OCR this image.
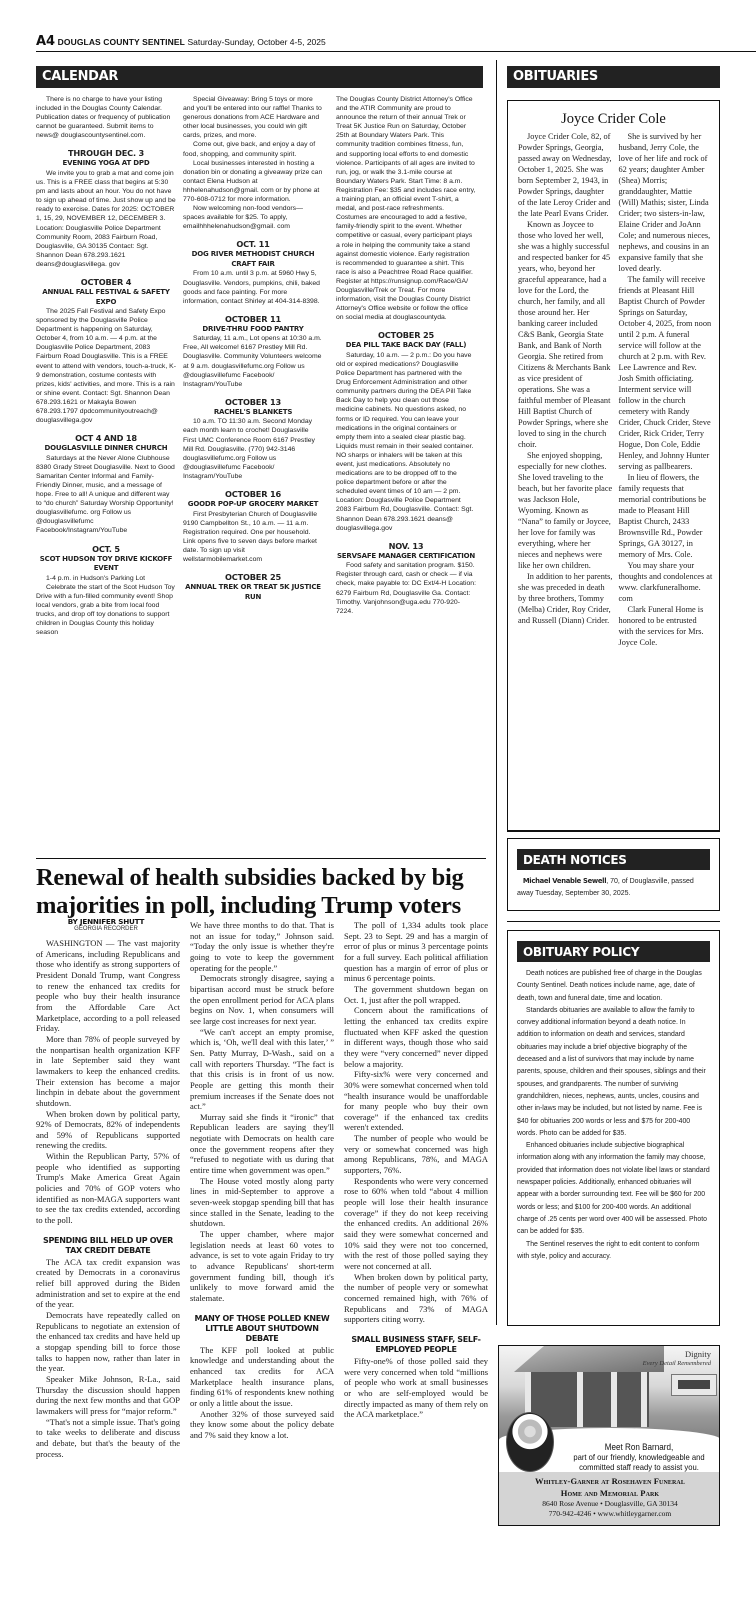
A4 DOUGLAS COUNTY SENTINEL Saturday-Sunday, October 4-5, 2025
CALENDAR

There is no charge to have your listing included in the Douglas County Calendar. Publication dates or frequency of publication cannot be guaranteed. Submit items to news@ douglascountysentinel.com.

THROUGH DEC. 3
EVENING YOGA AT DPD

We invite you to grab a mat and come join us. This is a FREE class that begins at 5:30 pm and lasts about an hour. You do not have to sign up ahead of time. Just show up and be ready to exercise. Dates for 2025: OCTOBER 1, 15, 29, NOVEMBER 12, DECEMBER 3. Location: Douglasville Police Department Community Room, 2083 Fairburn Road, Douglasville, GA 30135 Contact: Sgt. Shannon Dean 678.293.1621 deans@douglasvillega. gov

OCTOBER 4
ANNUAL FALL FESTIVAL & SAFETY EXPO

The 2025 Fall Festival and Safety Expo sponsored by the Douglasville Police Department is happening on Saturday, October 4, from 10 a.m. — 4 p.m. at the Douglasville Police Department, 2083 Fairburn Road Douglasville. This is a FREE event to attend with vendors, touch-a-truck, K-9 demonstration, costume contests with prizes, kids' activities, and more. This is a rain or shine event. Contact: Sgt. Shannon Dean 678.293.1621 or Makayla Bowen 678.293.1797 dpdcommunityoutreach@ douglasvillega.gov

OCT 4 AND 18
DOUGLASVILLE DINNER CHURCH

Saturdays at the Never Alone Clubhouse 8380 Grady Street Douglasville. Next to Good Samaritan Center Informal and Family-Friendly Dinner, music, and a message of hope. Free to all! A unique and different way to “do church” Saturday Worship Opportunity! douglasvillefumc. org Follow us @douglasvillefumc Facebook/Instagram/YouTube

OCT. 5
SCOT HUDSON TOY DRIVE KICKOFF EVENT

1-4 p.m. in Hudson's Parking Lot

Celebrate the start of the Scot Hudson Toy Drive with a fun-filled community event! Shop local vendors, grab a bite from local food trucks, and drop off toy donations to support children in Douglas County this holiday season

Special Giveaway: Bring 5 toys or more and you'll be entered into our raffle! Thanks to generous donations from ACE Hardware and other local businesses, you could win gift cards, prizes, and more.

Come out, give back, and enjoy a day of food, shopping, and community spirit.

Local businesses interested in hosting a donation bin or donating a giveaway prize can contact Elena Hudson at hhhelenahudson@gmail. com or by phone at 770-608-0712 for more information.

Now welcoming non-food vendors—spaces available for $25. To apply, emailhhhelenahudson@gmail. com

OCT. 11
DOG RIVER METHODIST CHURCH CRAFT FAIR

From 10 a.m. until 3 p.m. at 5960 Hwy 5, Douglasville. Vendors, pumpkins, chili, baked goods and face painting. For more information, contact Shirley at 404-314-8398.

OCTOBER 11
DRIVE-THRU FOOD PANTRY

Saturday, 11 a.m., Lot opens at 10:30 a.m. Free, All welcome! 6167 Prestley Mill Rd. Douglasville. Community Volunteers welcome at 9 a.m. douglasvillefumc.org Follow us @douglasvillefumc Facebook/ Instagram/YouTube

OCTOBER 13
RACHEL'S BLANKETS

10 a.m. TO 11:30 a.m. Second Monday each month learn to crochet! Douglasville First UMC Conference Room 6167 Prestley Mill Rd. Douglasville. (770) 942-3146 douglasvillefumc.org Follow us @douglasvillefumc Facebook/ Instagram/YouTube

OCTOBER 16
GOODR POP-UP GROCERY MARKET

First Presbyterian Church of Douglasville 9190 Campbellton St., 10 a.m. — 11 a.m. Registration required. One per household. Link opens five to seven days before market date. To sign up visit wellstarmobilemarket.com

OCTOBER 25
ANNUAL TREK OR TREAT 5K JUSTICE RUN

The Douglas County District Attorney's Office and the ATIR Community are proud to announce the return of their annual Trek or Treat 5K Justice Run on Saturday, October 25th at Boundary Waters Park. This community tradition combines fitness, fun, and supporting local efforts to end domestic violence. Participants of all ages are invited to run, jog, or walk the 3.1-mile course at Boundary Waters Park. Start Time: 8 a.m. Registration Fee: $35 and includes race entry, a training plan, an official event T-shirt, a medal, and post-race refreshments. Costumes are encouraged to add a festive, family-friendly spirit to the event. Whether competitive or casual, every participant plays a role in helping the community take a stand against domestic violence. Early registration is recommended to guarantee a shirt. This race is also a Peachtree Road Race qualifier. Register at https://runsignup.com/Race/GA/ Douglasville/Trek or Treat. For more information, visit the Douglas County District Attorney's Office website or follow the office on social media at douglascountyda.

OCTOBER 25
DEA PILL TAKE BACK DAY (FALL)

Saturday, 10 a.m. — 2 p.m.: Do you have old or expired medications? Douglasville Police Department has partnered with the Drug Enforcement Administration and other community partners during the DEA Pill Take Back Day to help you clean out those medicine cabinets. No questions asked, no forms or ID required. You can leave your medications in the original containers or empty them into a sealed clear plastic bag. Liquids must remain in their sealed container. NO sharps or inhalers will be taken at this event, just medications. Absolutely no medications are to be dropped off to the police department before or after the scheduled event times of 10 am — 2 pm. Location: Douglasville Police Department 2083 Fairburn Rd, Douglasville. Contact: Sgt. Shannon Dean 678.293.1621 deans@ douglasvillega.gov

NOV. 13
SERVSAFE MANAGER CERTIFICATION

Food safety and sanitation program. $150. Register through card, cash or check — if via check, make payable to: DC Ext/4-H Location: 6279 Fairburn Rd, Douglasville Ga. Contact: Timothy. Vanjohnson@uga.edu 770-920-7224.

Renewal of health subsidies backed by big majorities in poll, including Trump voters
BY JENNIFER SHUTT
GEORGIA RECORDER

WASHINGTON — The vast majority of Americans, including Republicans and those who identify as strong supporters of President Donald Trump, want Congress to renew the enhanced tax credits for people who buy their health insurance from the Affordable Care Act Marketplace, according to a poll released Friday.

More than 78% of people surveyed by the nonpartisan health organization KFF in late September said they want lawmakers to keep the enhanced credits. Their extension has become a major linchpin in debate about the government shutdown.

When broken down by political party, 92% of Democrats, 82% of independents and 59% of Republicans supported renewing the credits.

Within the Republican Party, 57% of people who identified as supporting Trump's Make America Great Again policies and 70% of GOP voters who identified as non-MAGA supporters want to see the tax credits extended, according to the poll.

SPENDING BILL HELD UP OVER TAX CREDIT DEBATE

The ACA tax credit expansion was created by Democrats in a coronavirus relief bill approved during the Biden administration and set to expire at the end of the year.

Democrats have repeatedly called on Republicans to negotiate an extension of the enhanced tax credits and have held up a stopgap spending bill to force those talks to happen now, rather than later in the year.

Speaker Mike Johnson, R-La., said Thursday the discussion should happen during the next few months and that GOP lawmakers will press for “major reform.”

“That's not a simple issue. That's going to take weeks to deliberate and discuss and debate, but that's the beauty of the process.

We have three months to do that. That is not an issue for today,” Johnson said. “Today the only issue is whether they're going to vote to keep the government operating for the people.”

Democrats strongly disagree, saying a bipartisan accord must be struck before the open enrollment period for ACA plans begins on Nov. 1, when consumers will see large cost increases for next year.

“We can't accept an empty promise, which is, ‘Oh, we'll deal with this later,’ ” Sen. Patty Murray, D-Wash., said on a call with reporters Thursday. “The fact is that this crisis is in front of us now. People are getting this month their premium increases if the Senate does not act.”

Murray said she finds it “ironic” that Republican leaders are saying they'll negotiate with Democrats on health care once the government reopens after they “refused to negotiate with us during that entire time when government was open.”

The House voted mostly along party lines in mid-September to approve a seven-week stopgap spending bill that has since stalled in the Senate, leading to the shutdown.

The upper chamber, where major legislation needs at least 60 votes to advance, is set to vote again Friday to try to advance Republicans' short-term government funding bill, though it's unlikely to move forward amid the stalemate.

MANY OF THOSE POLLED KNEW LITTLE ABOUT SHUTDOWN DEBATE

The KFF poll looked at public knowledge and understanding about the enhanced tax credits for ACA Marketplace health insurance plans, finding 61% of respondents knew nothing or only a little about the issue.

Another 32% of those surveyed said they know some about the policy debate and 7% said they know a lot.

The poll of 1,334 adults took place Sept. 23 to Sept. 29 and has a margin of error of plus or minus 3 percentage points for a full survey. Each political affiliation question has a margin of error of plus or minus 6 percentage points.

The government shutdown began on Oct. 1, just after the poll wrapped.

Concern about the ramifications of letting the enhanced tax credits expire fluctuated when KFF asked the question in different ways, though those who said they were “very concerned” never dipped below a majority.

Fifty-six% were very concerned and 30% were somewhat concerned when told “health insurance would be unaffordable for many people who buy their own coverage” if the enhanced tax credits weren't extended.

The number of people who would be very or somewhat concerned was high among Republicans, 78%, and MAGA supporters, 76%.

Respondents who were very concerned rose to 60% when told “about 4 million people will lose their health insurance coverage” if they do not keep receiving the enhanced credits. An additional 26% said they were somewhat concerned and 10% said they were not too concerned, with the rest of those polled saying they were not concerned at all.

When broken down by political party, the number of people very or somewhat concerned remained high, with 76% of Republicans and 73% of MAGA supporters citing worry.

SMALL BUSINESS STAFF, SELF-EMPLOYED PEOPLE

Fifty-one% of those polled said they were very concerned when told “millions of people who work at small businesses or who are self-employed would be directly impacted as many of them rely on the ACA marketplace.”

OBITUARIES
Joyce Crider Cole

Joyce Crider Cole, 82, of Powder Springs, Georgia, passed away on Wednesday, October 1, 2025. She was born September 2, 1943, in Powder Springs, daughter of the late Leroy Crider and the late Pearl Evans Crider.

Known as Joycee to those who loved her well, she was a highly successful and respected banker for 45 years, who, beyond her graceful appearance, had a love for the Lord, the church, her family, and all those around her. Her banking career included C&S Bank, Georgia State Bank, and Bank of North Georgia. She retired from Citizens & Merchants Bank as vice president of operations. She was a faithful member of Pleasant Hill Baptist Church of Powder Springs, where she loved to sing in the church choir.

She enjoyed shopping, especially for new clothes. She loved traveling to the beach, but her favorite place was Jackson Hole, Wyoming. Known as “Nana” to family or Joycee, her love for family was everything, where her nieces and nephews were like her own children.

In addition to her parents, she was preceded in death by three brothers, Tommy (Melba) Crider, Roy Crider, and Russell (Diann) Crider.

She is survived by her husband, Jerry Cole, the love of her life and rock of 62 years; daughter Amber (Shea) Morris; granddaughter, Mattie (Will) Mathis; sister, Linda Crider; two sisters-in-law, Elaine Crider and JoAnn Cole; and numerous nieces, nephews, and cousins in an expansive family that she loved dearly.

The family will receive friends at Pleasant Hill Baptist Church of Powder Springs on Saturday, October 4, 2025, from noon until 2 p.m. A funeral service will follow at the church at 2 p.m. with Rev. Lee Lawrence and Rev. Josh Smith officiating. Interment service will follow in the church cemetery with Randy Crider, Chuck Crider, Steve Crider, Rick Crider, Terry Hogue, Don Cole, Eddie Henley, and Johnny Hunter serving as pallbearers.

In lieu of flowers, the family requests that memorial contributions be made to Pleasant Hill Baptist Church, 2433 Brownsville Rd., Powder Springs, GA 30127, in memory of Mrs. Cole.

You may share your thoughts and condolences at www. clarkfuneralhome. com

Clark Funeral Home is honored to be entrusted with the services for Mrs. Joyce Cole.

DEATH NOTICES
Michael Venable Sewell, 70, of Douglasville, passed away Tuesday, September 30, 2025.
OBITUARY POLICY

Death notices are published free of charge in the Douglas County Sentinel. Death notices include name, age, date of death, town and funeral date, time and location.

Standards obituaries are available to allow the family to convey additional information beyond a death notice. In addition to information on death and services, standard obituaries may include a brief objective biography of the deceased and a list of survivors that may include by name parents, spouse, children and their spouses, siblings and their spouses, and grandparents. The number of surviving grandchildren, nieces, nephews, aunts, uncles, cousins and other in-laws may be included, but not listed by name. Fee is $40 for obituaries 200 words or less and $75 for 200-400 words. Photo can be added for $35.

Enhanced obituaries include subjective biographical information along with any information the family may choose, provided that information does not violate libel laws or standard newspaper policies. Additionally, enhanced obituaries will appear with a border surrounding text. Fee will be $60 for 200 words or less; and $100 for 200-400 words. An additional charge of .25 cents per word over 400 will be assessed. Photo can be added for $35.

The Sentinel reserves the right to edit content to conform with style, policy and accuracy.

Dignity
Every Detail Remembered
Meet Ron Barnard,
part of our friendly, knowledgeable and committed staff ready to assist you.
Whitley-Garner at Rosehaven Funeral
Home and Memorial Park
8640 Rose Avenue • Douglasville, GA 30134
770-942-4246 • www.whitleygarner.com
